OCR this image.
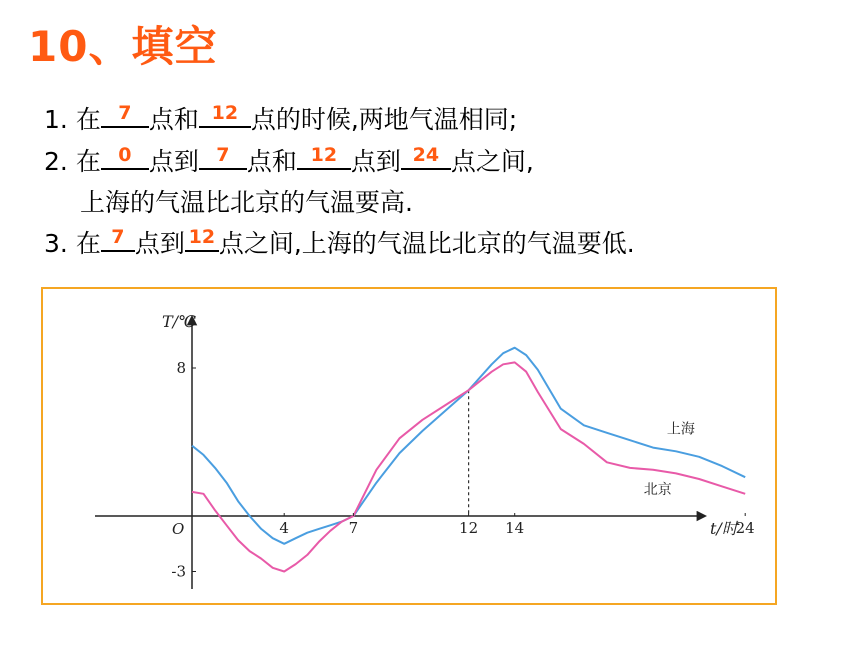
10、填空
1. 在 7 点和 12 点的时候,两地气温相同;
2. 在 0 点到 7 点和 12 点到 24 点之间,
上海的气温比北京的气温要高.
3. 在 7 点到 12 点之间,上海的气温比北京的气温要低.
上海
北京
4	7	12 14	24
8
-3
O	t/时
T/℃
